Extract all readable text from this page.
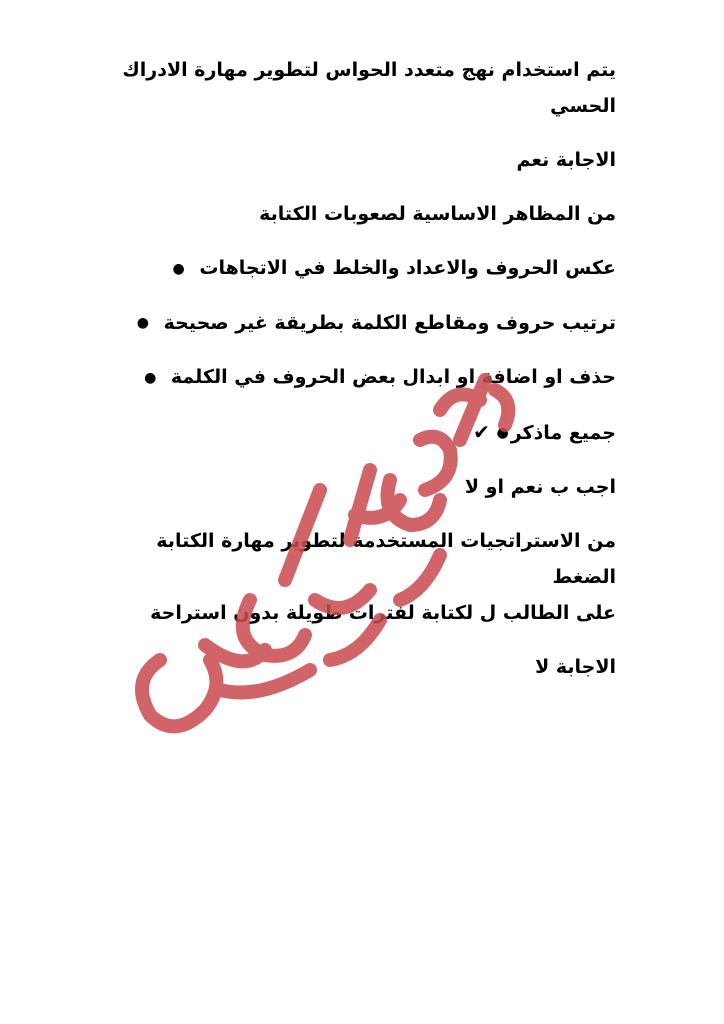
يتم استخدام نهج متعدد الحواس لتطوير مهارة الادراك
الحسي
الاجابة نعم
من المظاهر الاساسية لصعوبات الكتابة
عكس الحروف والاعداد والخلط في الاتجاهات ●
ترتيب حروف ومقاطع الكلمة بطريقة غير صحيحة ●
حذف او اضافة او ابدال بعض الحروف في الكلمة ●
جميع ماذكر● ✔
اجب ب نعم او لا
من الاستراتجيات المستخدمة لتطوير مهارة الكتابة الضغط
على الطالب ل لكتابة لفترات طويلة بدون استراحة
الاجابة لا
